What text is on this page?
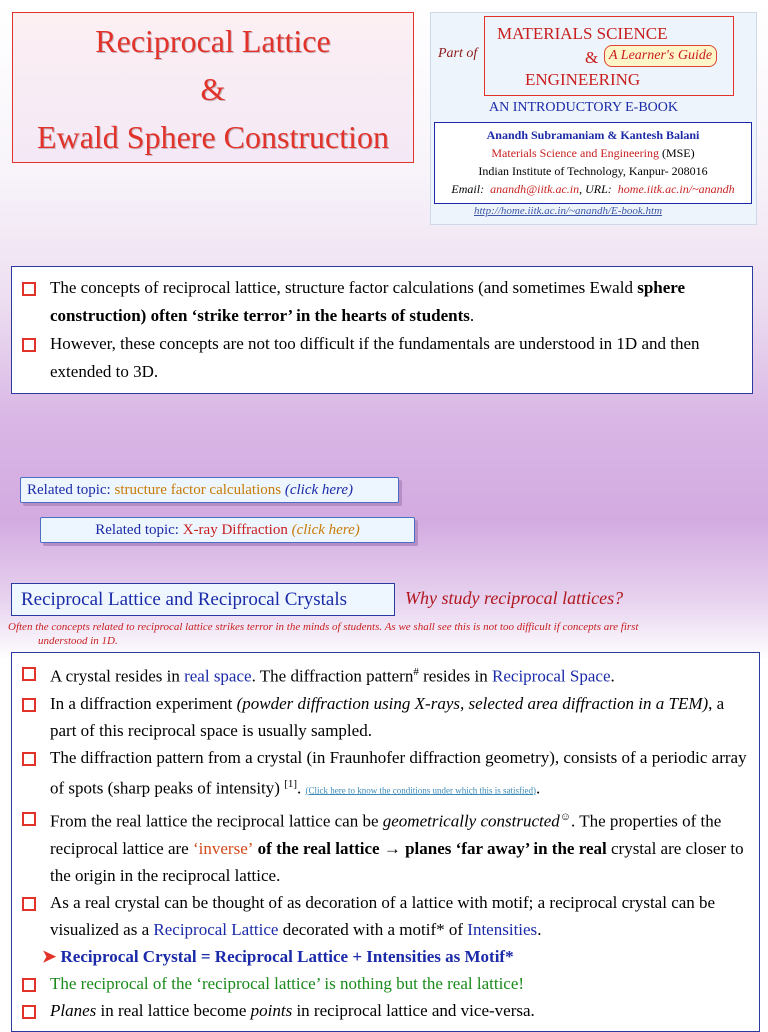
Reciprocal Lattice
&
Ewald Sphere Construction
Part of
MATERIALS SCIENCE
& A Learner's Guide
ENGINEERING
AN INTRODUCTORY E-BOOK
Anandh Subramaniam & Kantesh Balani
Materials Science and Engineering (MSE)
Indian Institute of Technology, Kanpur- 208016
Email: anandh@iitk.ac.in, URL: home.iitk.ac.in/~anandh
http://home.iitk.ac.in/~anandh/E-book.htm
The concepts of reciprocal lattice, structure factor calculations (and sometimes Ewald sphere construction) often ‘strike terror’ in the hearts of students.
However, these concepts are not too difficult if the fundamentals are understood in 1D and then extended to 3D.
Related topic: structure factor calculations (click here)
Related topic: X-ray Diffraction (click here)
Reciprocal Lattice and Reciprocal Crystals	Why study reciprocal lattices?
Often the concepts related to reciprocal lattice strikes terror in the minds of students. As we shall see this is not too difficult if concepts are first
understood in 1D.
A crystal resides in real space. The diffraction pattern# resides in Reciprocal Space.
In a diffraction experiment (powder diffraction using X-rays, selected area diffraction in a TEM), a part of this reciprocal space is usually sampled.
The diffraction pattern from a crystal (in Fraunhofer diffraction geometry), consists of a periodic array of spots (sharp peaks of intensity) [1]. (Click here to know the conditions under which this is satisfied).
From the real lattice the reciprocal lattice can be geometrically constructed☺. The properties of the reciprocal lattice are ‘inverse’ of the real lattice → planes ‘far away’ in the real crystal are closer to the origin in the reciprocal lattice.
As a real crystal can be thought of as decoration of a lattice with motif; a reciprocal crystal can be visualized as a Reciprocal Lattice decorated with a motif* of Intensities.
➤ Reciprocal Crystal = Reciprocal Lattice + Intensities as Motif*
The reciprocal of the ‘reciprocal lattice’ is nothing but the real lattice!
Planes in real lattice become points in reciprocal lattice and vice-versa.
